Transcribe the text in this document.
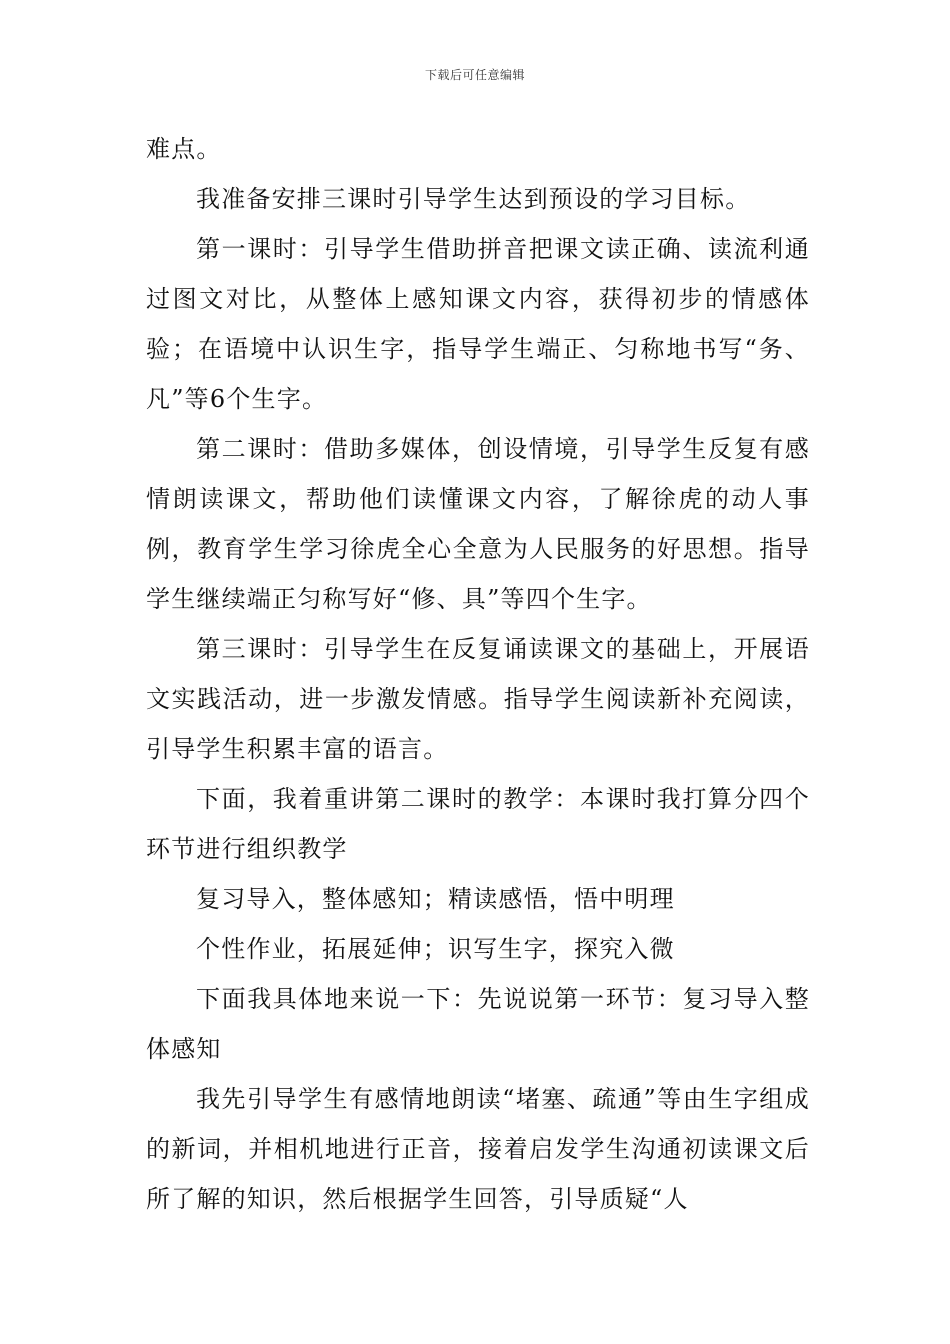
下载后可任意编辑

难点。

我准备安排三课时引导学生达到预设的学习目标。

第一课时：引导学生借助拼音把课文读正确、读流利通过图文对比，从整体上感知课文内容，获得初步的情感体验；在语境中认识生字，指导学生端正、匀称地书写“务、凡”等6个生字。

第二课时：借助多媒体，创设情境，引导学生反复有感情朗读课文，帮助他们读懂课文内容，了解徐虎的动人事例，教育学生学习徐虎全心全意为人民服务的好思想。指导学生继续端正匀称写好“修、具”等四个生字。

第三课时：引导学生在反复诵读课文的基础上，开展语文实践活动，进一步激发情感。指导学生阅读新补充阅读，引导学生积累丰富的语言。

下面，我着重讲第二课时的教学：本课时我打算分四个环节进行组织教学

复习导入，整体感知；精读感悟，悟中明理

个性作业，拓展延伸；识写生字，探究入微

下面我具体地来说一下：先说说第一环节：复习导入整体感知

我先引导学生有感情地朗读“堵塞、疏通”等由生字组成的新词，并相机地进行正音，接着启发学生沟通初读课文后所了解的知识，然后根据学生回答，引导质疑“人
